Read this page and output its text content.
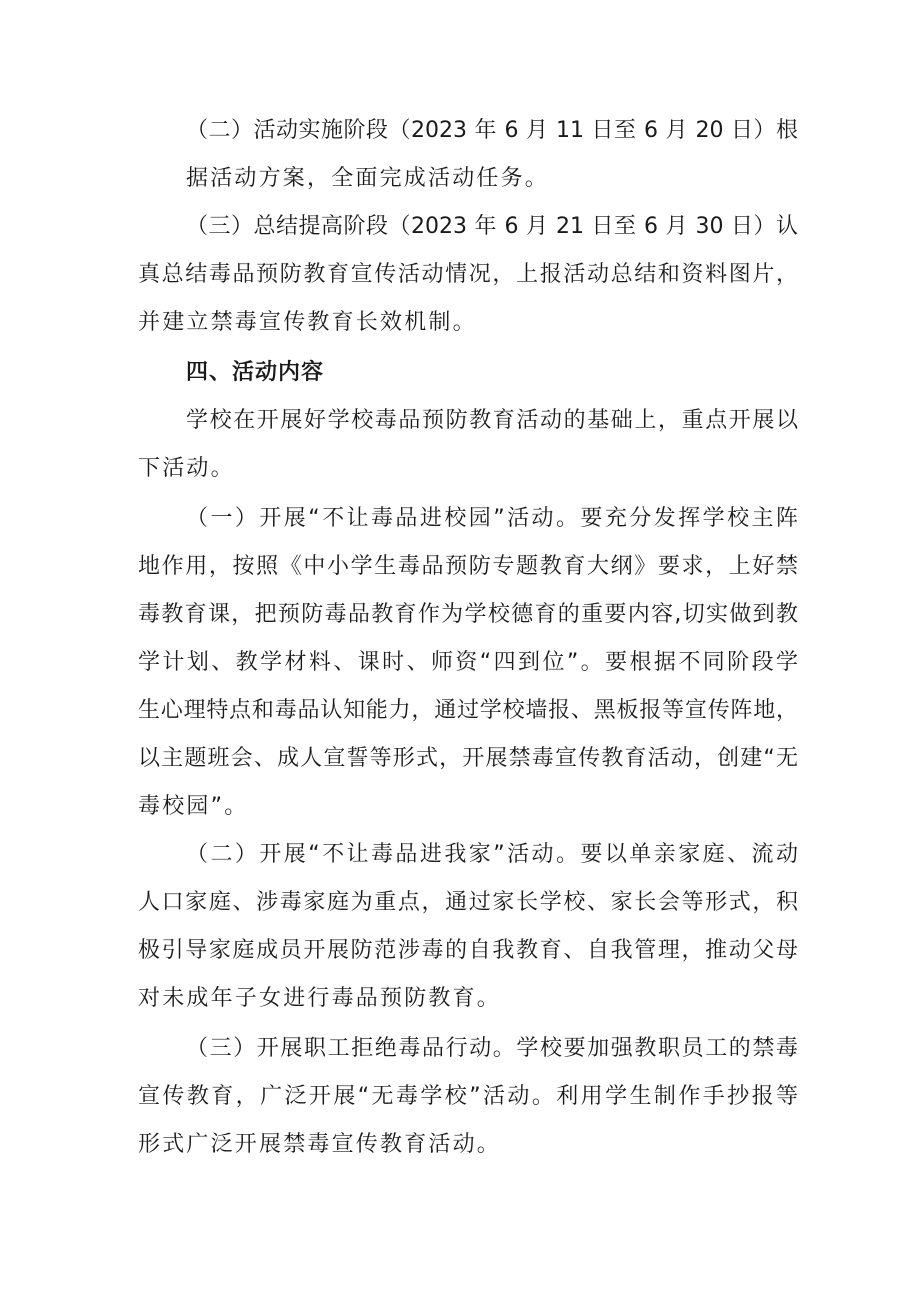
（二）活动实施阶段（2023 年 6 月 11 日至 6 月 20 日）根
据活动方案，全面完成活动任务。
（三）总结提高阶段（2023 年 6 月 21 日至 6 月 30 日）认
真总结毒品预防教育宣传活动情况，上报活动总结和资料图片，
并建立禁毒宣传教育长效机制。
四、活动内容
学校在开展好学校毒品预防教育活动的基础上，重点开展以
下活动。
（一）开展“不让毒品进校园”活动。要充分发挥学校主阵
地作用，按照《中小学生毒品预防专题教育大纲》要求，上好禁
毒教育课，把预防毒品教育作为学校德育的重要内容,切实做到教
学计划、教学材料、课时、师资“四到位”。要根据不同阶段学
生心理特点和毒品认知能力，通过学校墙报、黑板报等宣传阵地，
以主题班会、成人宣誓等形式，开展禁毒宣传教育活动，创建“无
毒校园”。
（二）开展“不让毒品进我家”活动。要以单亲家庭、流动
人口家庭、涉毒家庭为重点，通过家长学校、家长会等形式，积
极引导家庭成员开展防范涉毒的自我教育、自我管理，推动父母
对未成年子女进行毒品预防教育。
（三）开展职工拒绝毒品行动。学校要加强教职员工的禁毒
宣传教育，广泛开展“无毒学校”活动。利用学生制作手抄报等
形式广泛开展禁毒宣传教育活动。
